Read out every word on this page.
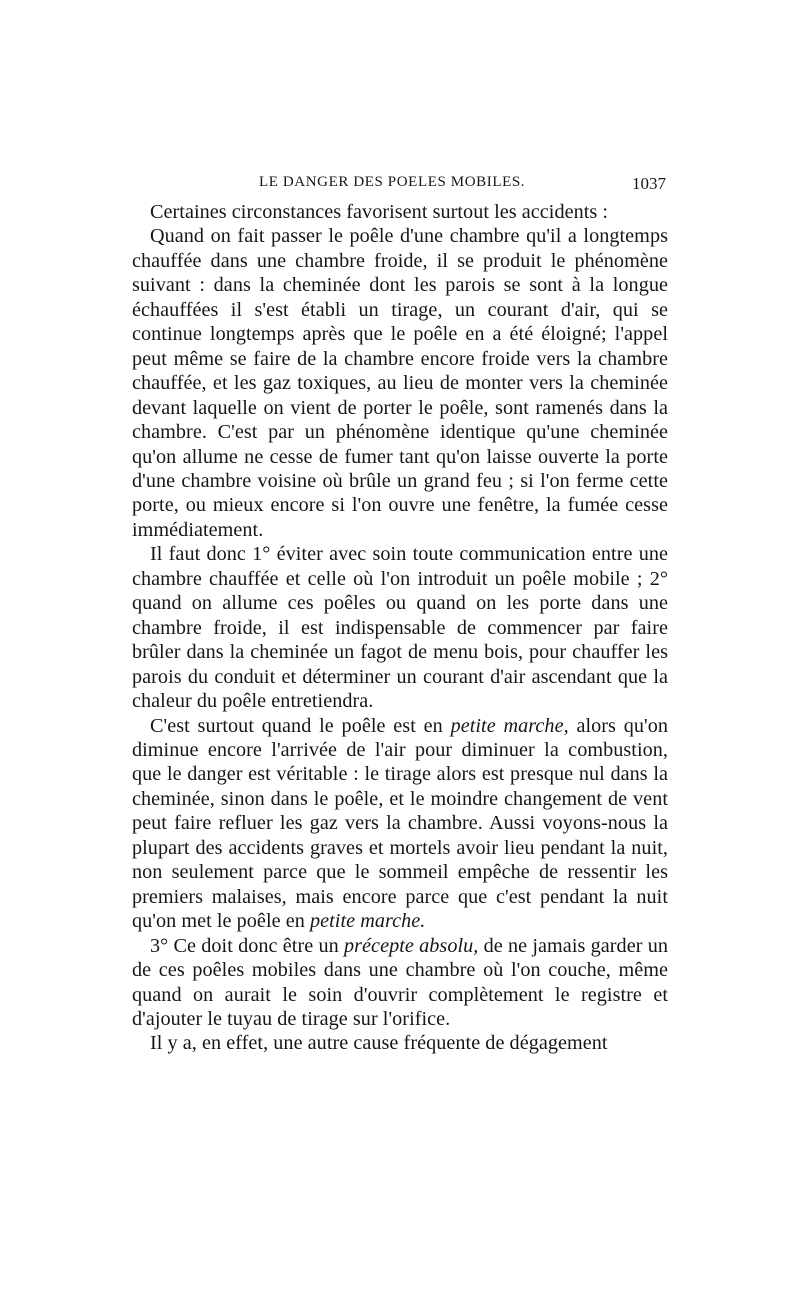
LE DANGER DES POELES MOBILES.	1037

Certaines circonstances favorisent surtout les accidents :

Quand on fait passer le poêle d'une chambre qu'il a longtemps chauffée dans une chambre froide, il se produit le phénomène suivant : dans la cheminée dont les parois se sont à la longue échauffées il s'est établi un tirage, un courant d'air, qui se continue longtemps après que le poêle en a été éloigné; l'appel peut même se faire de la chambre encore froide vers la chambre chauffée, et les gaz toxiques, au lieu de monter vers la cheminée devant laquelle on vient de porter le poêle, sont ramenés dans la chambre. C'est par un phénomène identique qu'une cheminée qu'on allume ne cesse de fumer tant qu'on laisse ouverte la porte d'une chambre voisine où brûle un grand feu ; si l'on ferme cette porte, ou mieux encore si l'on ouvre une fenêtre, la fumée cesse immédiatement.

Il faut donc 1° éviter avec soin toute communication entre une chambre chauffée et celle où l'on introduit un poêle mobile ; 2° quand on allume ces poêles ou quand on les porte dans une chambre froide, il est indispensable de commencer par faire brûler dans la cheminée un fagot de menu bois, pour chauffer les parois du conduit et déterminer un courant d'air ascendant que la chaleur du poêle entretiendra.

C'est surtout quand le poêle est en petite marche, alors qu'on diminue encore l'arrivée de l'air pour diminuer la combustion, que le danger est véritable : le tirage alors est presque nul dans la cheminée, sinon dans le poêle, et le moindre changement de vent peut faire refluer les gaz vers la chambre. Aussi voyons-nous la plupart des accidents graves et mortels avoir lieu pendant la nuit, non seulement parce que le sommeil empêche de ressentir les premiers malaises, mais encore parce que c'est pendant la nuit qu'on met le poêle en petite marche.

3° Ce doit donc être un précepte absolu, de ne jamais garder un de ces poêles mobiles dans une chambre où l'on couche, même quand on aurait le soin d'ouvrir complètement le registre et d'ajouter le tuyau de tirage sur l'orifice.

Il y a, en effet, une autre cause fréquente de dégagement
